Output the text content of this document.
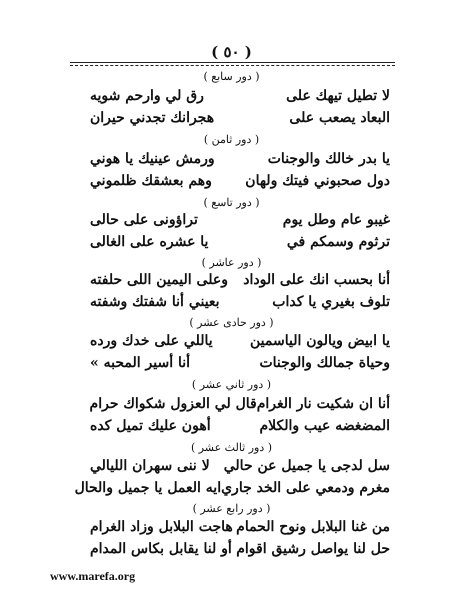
( ٥٠ )
( دور سابع )
لا تطيل تيهك على
رق لي وارحم شويه
البعاد يصعب على
هجرانك تجدني حيران
( دور ثامن )
يا بدر خالك والوجنات
ورمش عينيك يا هوني
دول صحبوني فيتك ولهان
وهم بعشقك ظلموني
( دور تاسع )
غيبو عام وطل يوم
تراؤونى على حالى
ترثوم وسمكم في
يا عشره على الغالى
( دور عاشر )
أنا بحسب انك على الوداد
وعلى اليمين اللى حلفته
تلوف بغيري يا كداب
بعيني أنا شفتك وشفته
( دور حادى عشر )
يا ابيض ويالون الياسمين
ياللي على خدك ورده
وحياة جمالك والوجنات
أنا أسير المحبه »
( دور ثاني عشر )
أنا ان شكيت نار الغرام
قال لي العزول شكواك حرام
المضغضه عيب والكلام
أهون عليك تميل كده
( دور ثالث عشر )
سل لدجى يا جميل عن حالي
لا ننى سهران الليالي
مغرم ودمعي على الخد جاري
ايه العمل يا جميل والحال
( دور رابع عشر )
من غنا البلابل ونوح الحمام
هاجت البلابل وزاد الغرام
حل لنا يواصل رشيق اقوام
أو لنا يقابل بكاس المدام
www.marefa.org
